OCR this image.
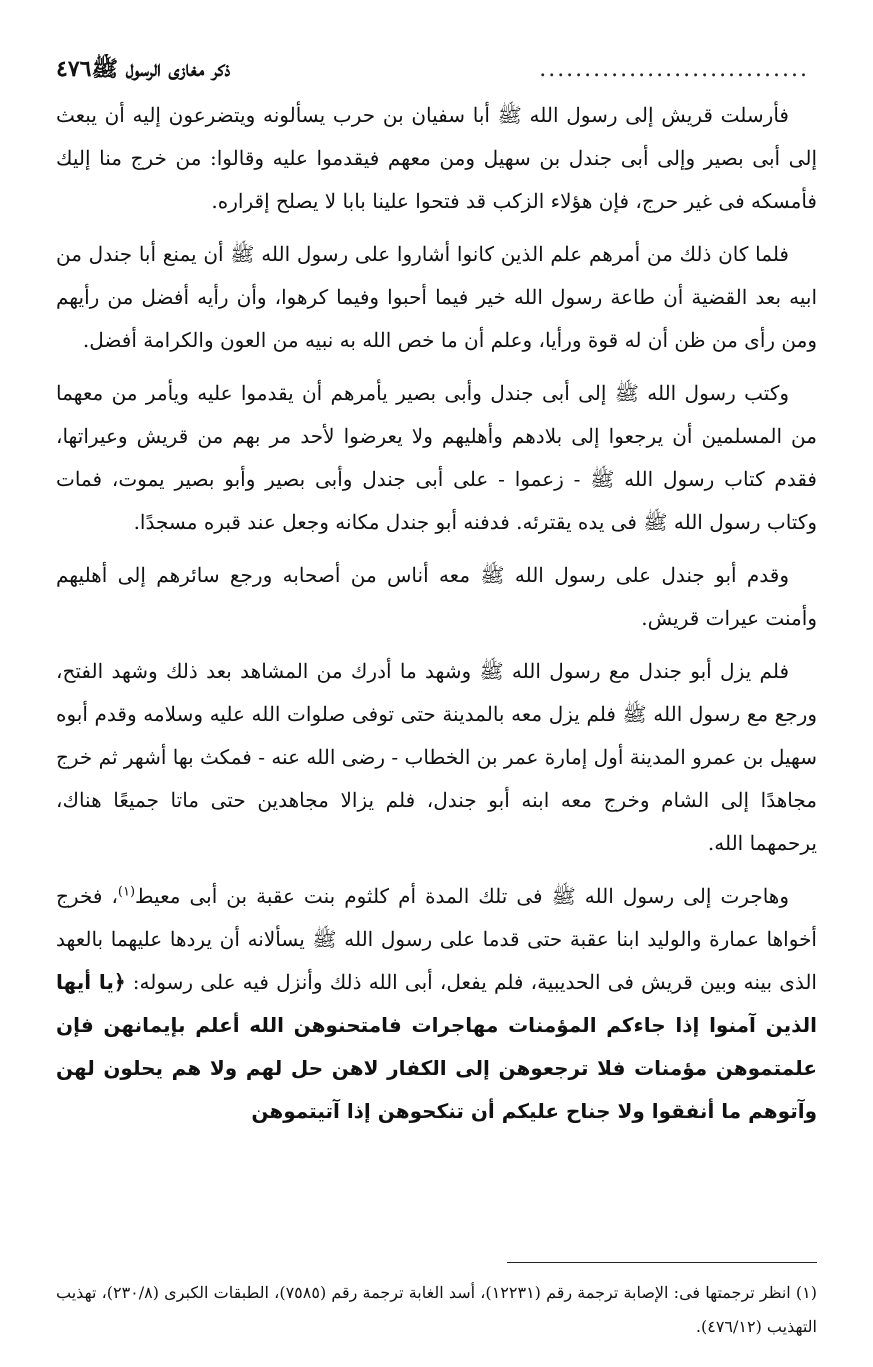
٤٧٦	..............................
ذكر مغازى الرسول ﷺ

فأرسلت قريش إلى رسول الله ﷺ أبا سفيان بن حرب يسألونه ويتضرعون إليه أن يبعث إلى أبى بصير وإلى أبى جندل بن سهيل ومن معهم فيقدموا عليه وقالوا: من خرج منا إليك فأمسكه فى غير حرج، فإن هؤلاء الزكب قد فتحوا علينا بابا لا يصلح إقراره.

فلما كان ذلك من أمرهم علم الذين كانوا أشاروا على رسول الله ﷺ أن يمنع أبا جندل من ابيه بعد القضية أن طاعة رسول الله خير فيما أحبوا وفيما كرهوا، وأن رأيه أفضل من رأيهم ومن رأى من ظن أن له قوة ورأيا، وعلم أن ما خص الله به نبيه من العون والكرامة أفضل.

وكتب رسول الله ﷺ إلى أبى جندل وأبى بصير يأمرهم أن يقدموا عليه ويأمر من معهما من المسلمين أن يرجعوا إلى بلادهم وأهليهم ولا يعرضوا لأحد مر بهم من قريش وعيراتها، فقدم كتاب رسول الله ﷺ - زعموا - على أبى جندل وأبى بصير وأبو بصير يموت، فمات وكتاب رسول الله ﷺ فى يده يقترئه. فدفنه أبو جندل مكانه وجعل عند قبره مسجدًا.

وقدم أبو جندل على رسول الله ﷺ معه أناس من أصحابه ورجع سائرهم إلى أهليهم وأمنت عيرات قريش.

فلم يزل أبو جندل مع رسول الله ﷺ وشهد ما أدرك من المشاهد بعد ذلك وشهد الفتح، ورجع مع رسول الله ﷺ فلم يزل معه بالمدينة حتى توفى صلوات الله عليه وسلامه وقدم أبوه سهيل بن عمرو المدينة أول إمارة عمر بن الخطاب - رضى الله عنه - فمكث بها أشهر ثم خرج مجاهدًا إلى الشام وخرج معه ابنه أبو جندل، فلم يزالا مجاهدين حتى ماتا جميعًا هناك، يرحمهما الله.

وهاجرت إلى رسول الله ﷺ فى تلك المدة أم كلثوم بنت عقبة بن أبى معيط$^{(١)}$، فخرج أخواها عمارة والوليد ابنا عقبة حتى قدما على رسول الله ﷺ يسألانه أن يردها عليهما بالعهد الذى بينه وبين قريش فى الحديبية، فلم يفعل، أبى الله ذلك وأنزل فيه على رسوله: ﴿يا أيها الذين آمنوا إذا جاءكم المؤمنات مهاجرات فامتحنوهن الله أعلم بإيمانهن فإن علمتموهن مؤمنات فلا ترجعوهن إلى الكفار لاهن حل لهم ولا هم يحلون لهن وآتوهم ما أنفقوا ولا جناح عليكم أن تنكحوهن إذا آتيتموهن

(١) انظر ترجمتها فى: الإصابة ترجمة رقم (١٢٢٣١)، أسد الغابة ترجمة رقم (٧٥٨٥)، الطبقات الكبرى (٢٣٠/٨)، تهذيب التهذيب (٤٧٦/١٢).
